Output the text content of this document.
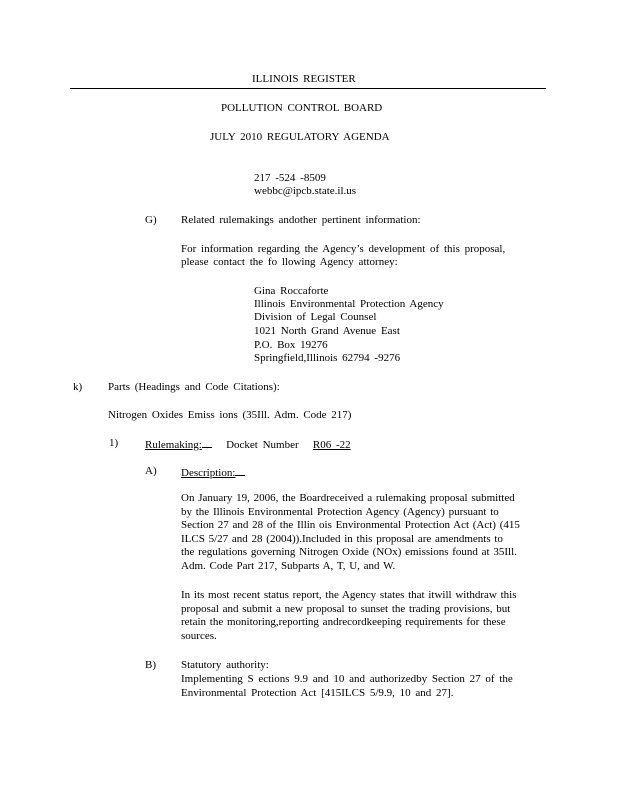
ILLINOIS REGISTER
POLLUTION CONTROL BOARD
JULY 2010 REGULATORY AGENDA
217 -524 -8509
webbc@ipcb.state.il.us
G) Related rulemakings andother pertinent information:
For information regarding the Agency’s development of this proposal,
please contact the fo llowing Agency attorney:
Gina Roccaforte
Illinois Environmental Protection Agency
Division of Legal Counsel
1021 North Grand Avenue East
P.O. Box 19276
Springfield,Illinois 62794 -9276
k) Parts (Headings and Code Citations):
Nitrogen Oxides Emiss ions (35Ill. Adm. Code 217)
1) Rulemaking: Docket Number R06 -22
A) Description:
On January 19, 2006, the Boardreceived a rulemaking proposal submitted
by the Illinois Environmental Protection Agency (Agency) pursuant to
Section 27 and 28 of the Illin ois Environmental Protection Act (Act) (415
ILCS 5/27 and 28 (2004)).Included in this proposal are amendments to
the regulations governing Nitrogen Oxide (NOx) emissions found at 35Ill.
Adm. Code Part 217, Subparts A, T, U, and W.
In its most recent status report, the Agency states that itwill withdraw this
proposal and submit a new proposal to sunset the trading provisions, but
retain the monitoring,reporting andrecordkeeping requirements for these
sources.
B) Statutory authority:
Implementing S ections 9.9 and 10 and authorizedby Section 27 of the
Environmental Protection Act [415ILCS 5/9.9, 10 and 27].
